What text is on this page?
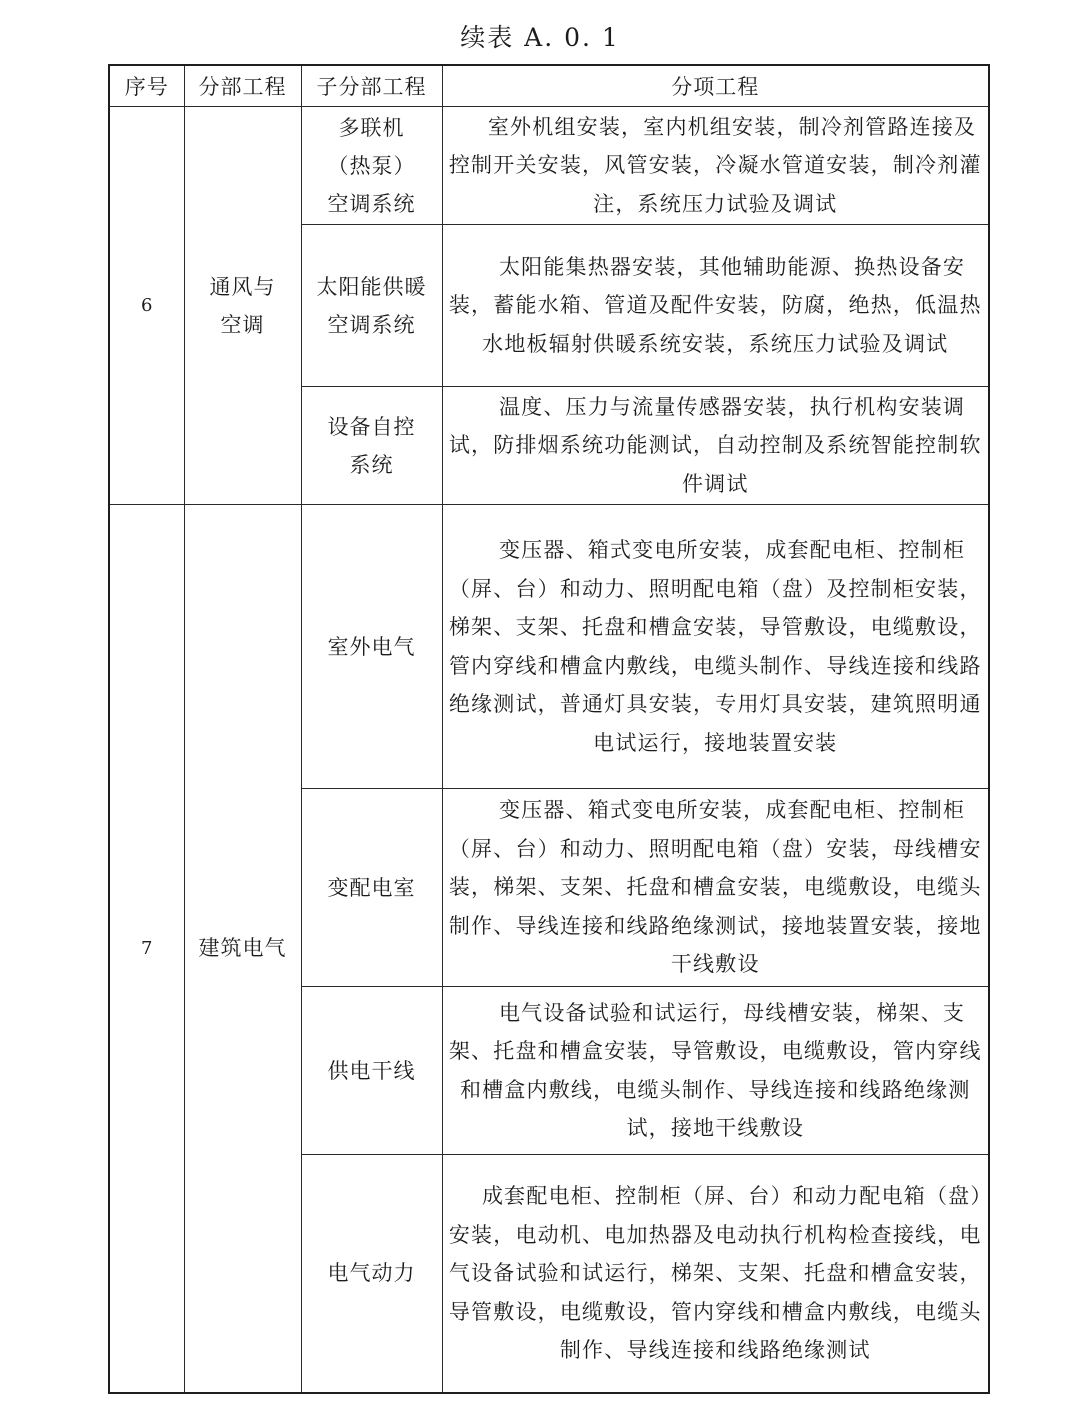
续表 A. 0. 1
序号	分部工程	子分部工程	分项工程
6	通风与空调	多联机（热泵）空调系统	室外机组安装，室内机组安装，制冷剂管路连接及控制开关安装，风管安装，冷凝水管道安装，制冷剂灌注，系统压力试验及调试

		太阳能供暖空调系统	太阳能集热器安装，其他辅助能源、换热设备安装，蓄能水箱、管道及配件安装，防腐，绝热，低温热水地板辐射供暖系统安装，系统压力试验及调试

		设备自控系统	温度、压力与流量传感器安装，执行机构安装调试，防排烟系统功能测试，自动控制及系统智能控制软件调试

7	建筑电气	室外电气	变压器、箱式变电所安装，成套配电柜、控制柜（屏、台）和动力、照明配电箱（盘）及控制柜安装，梯架、支架、托盘和槽盒安装，导管敷设，电缆敷设，管内穿线和槽盒内敷线，电缆头制作、导线连接和线路绝缘测试，普通灯具安装，专用灯具安装，建筑照明通电试运行，接地装置安装

		变配电室	变压器、箱式变电所安装，成套配电柜、控制柜（屏、台）和动力、照明配电箱（盘）安装，母线槽安装，梯架、支架、托盘和槽盒安装，电缆敷设，电缆头制作、导线连接和线路绝缘测试，接地装置安装，接地干线敷设

		供电干线	电气设备试验和试运行，母线槽安装，梯架、支架、托盘和槽盒安装，导管敷设，电缆敷设，管内穿线和槽盒内敷线，电缆头制作、导线连接和线路绝缘测试，接地干线敷设

		电气动力	成套配电柜、控制柜（屏、台）和动力配电箱（盘）安装，电动机、电加热器及电动执行机构检查接线，电气设备试验和试运行，梯架、支架、托盘和槽盒安装，导管敷设，电缆敷设，管内穿线和槽盒内敷线，电缆头制作、导线连接和线路绝缘测试
